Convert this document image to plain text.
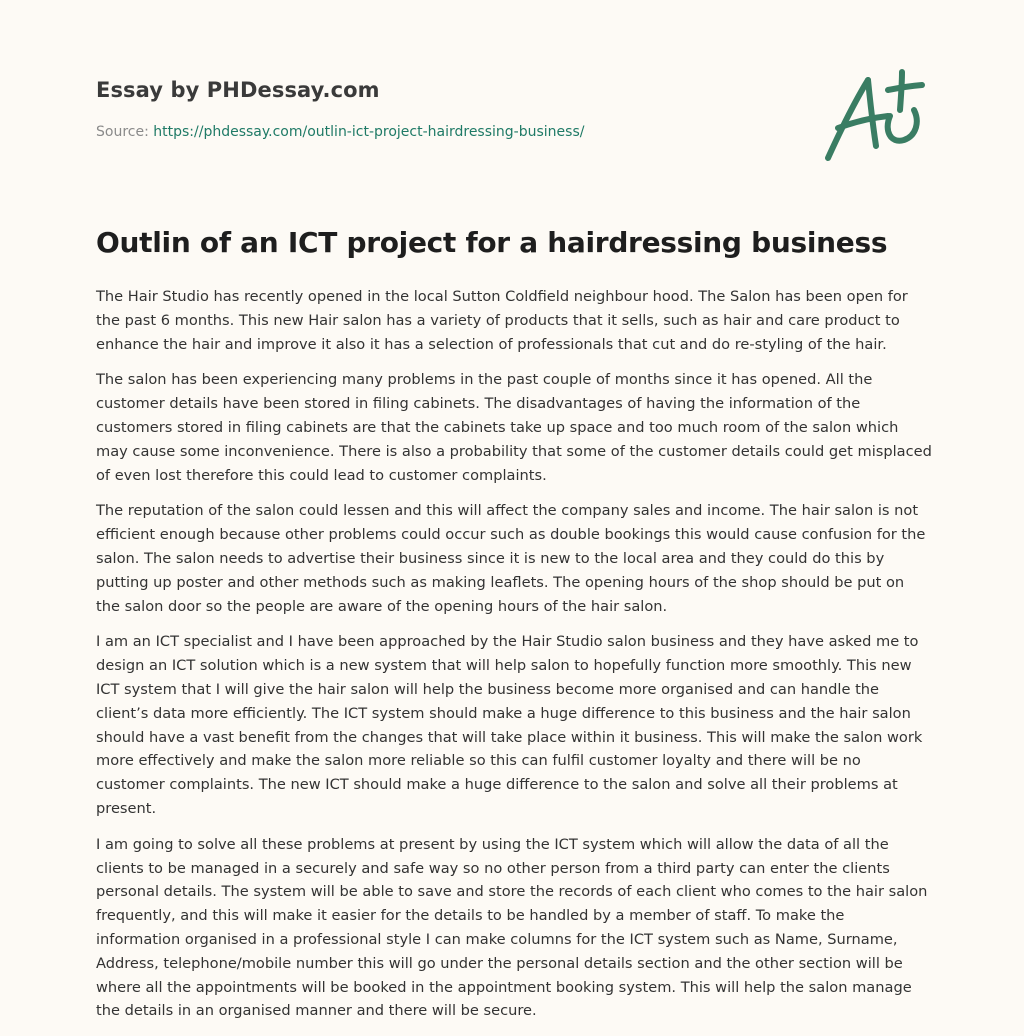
Essay by PHDessay.com
Source: https://phdessay.com/outlin-ict-project-hairdressing-business/
Outlin of an ICT project for a hairdressing business

The Hair Studio has recently opened in the local Sutton Coldfield neighbour hood. The Salon has been open for the past 6 months. This new Hair salon has a variety of products that it sells, such as hair and care product to enhance the hair and improve it also it has a selection of professionals that cut and do re-styling of the hair.

The salon has been experiencing many problems in the past couple of months since it has opened. All the customer details have been stored in filing cabinets. The disadvantages of having the information of the customers stored in filing cabinets are that the cabinets take up space and too much room of the salon which may cause some inconvenience. There is also a probability that some of the customer details could get misplaced of even lost therefore this could lead to customer complaints.

The reputation of the salon could lessen and this will affect the company sales and income. The hair salon is not efficient enough because other problems could occur such as double bookings this would cause confusion for the salon. The salon needs to advertise their business since it is new to the local area and they could do this by putting up poster and other methods such as making leaflets. The opening hours of the shop should be put on the salon door so the people are aware of the opening hours of the hair salon.

I am an ICT specialist and I have been approached by the Hair Studio salon business and they have asked me to design an ICT solution which is a new system that will help salon to hopefully function more smoothly. This new ICT system that I will give the hair salon will help the business become more organised and can handle the client’s data more efficiently. The ICT system should make a huge difference to this business and the hair salon should have a vast benefit from the changes that will take place within it business. This will make the salon work more effectively and make the salon more reliable so this can fulfil customer loyalty and there will be no customer complaints. The new ICT should make a huge difference to the salon and solve all their problems at present.

I am going to solve all these problems at present by using the ICT system which will allow the data of all the clients to be managed in a securely and safe way so no other person from a third party can enter the clients personal details. The system will be able to save and store the records of each client who comes to the hair salon frequently, and this will make it easier for the details to be handled by a member of staff. To make the information organised in a professional style I can make columns for the ICT system such as Name, Surname, Address, telephone/mobile number this will go under the personal details section and the other section will be where all the appointments will be booked in the appointment booking system. This will help the salon manage the details in an organised manner and there will be secure.
